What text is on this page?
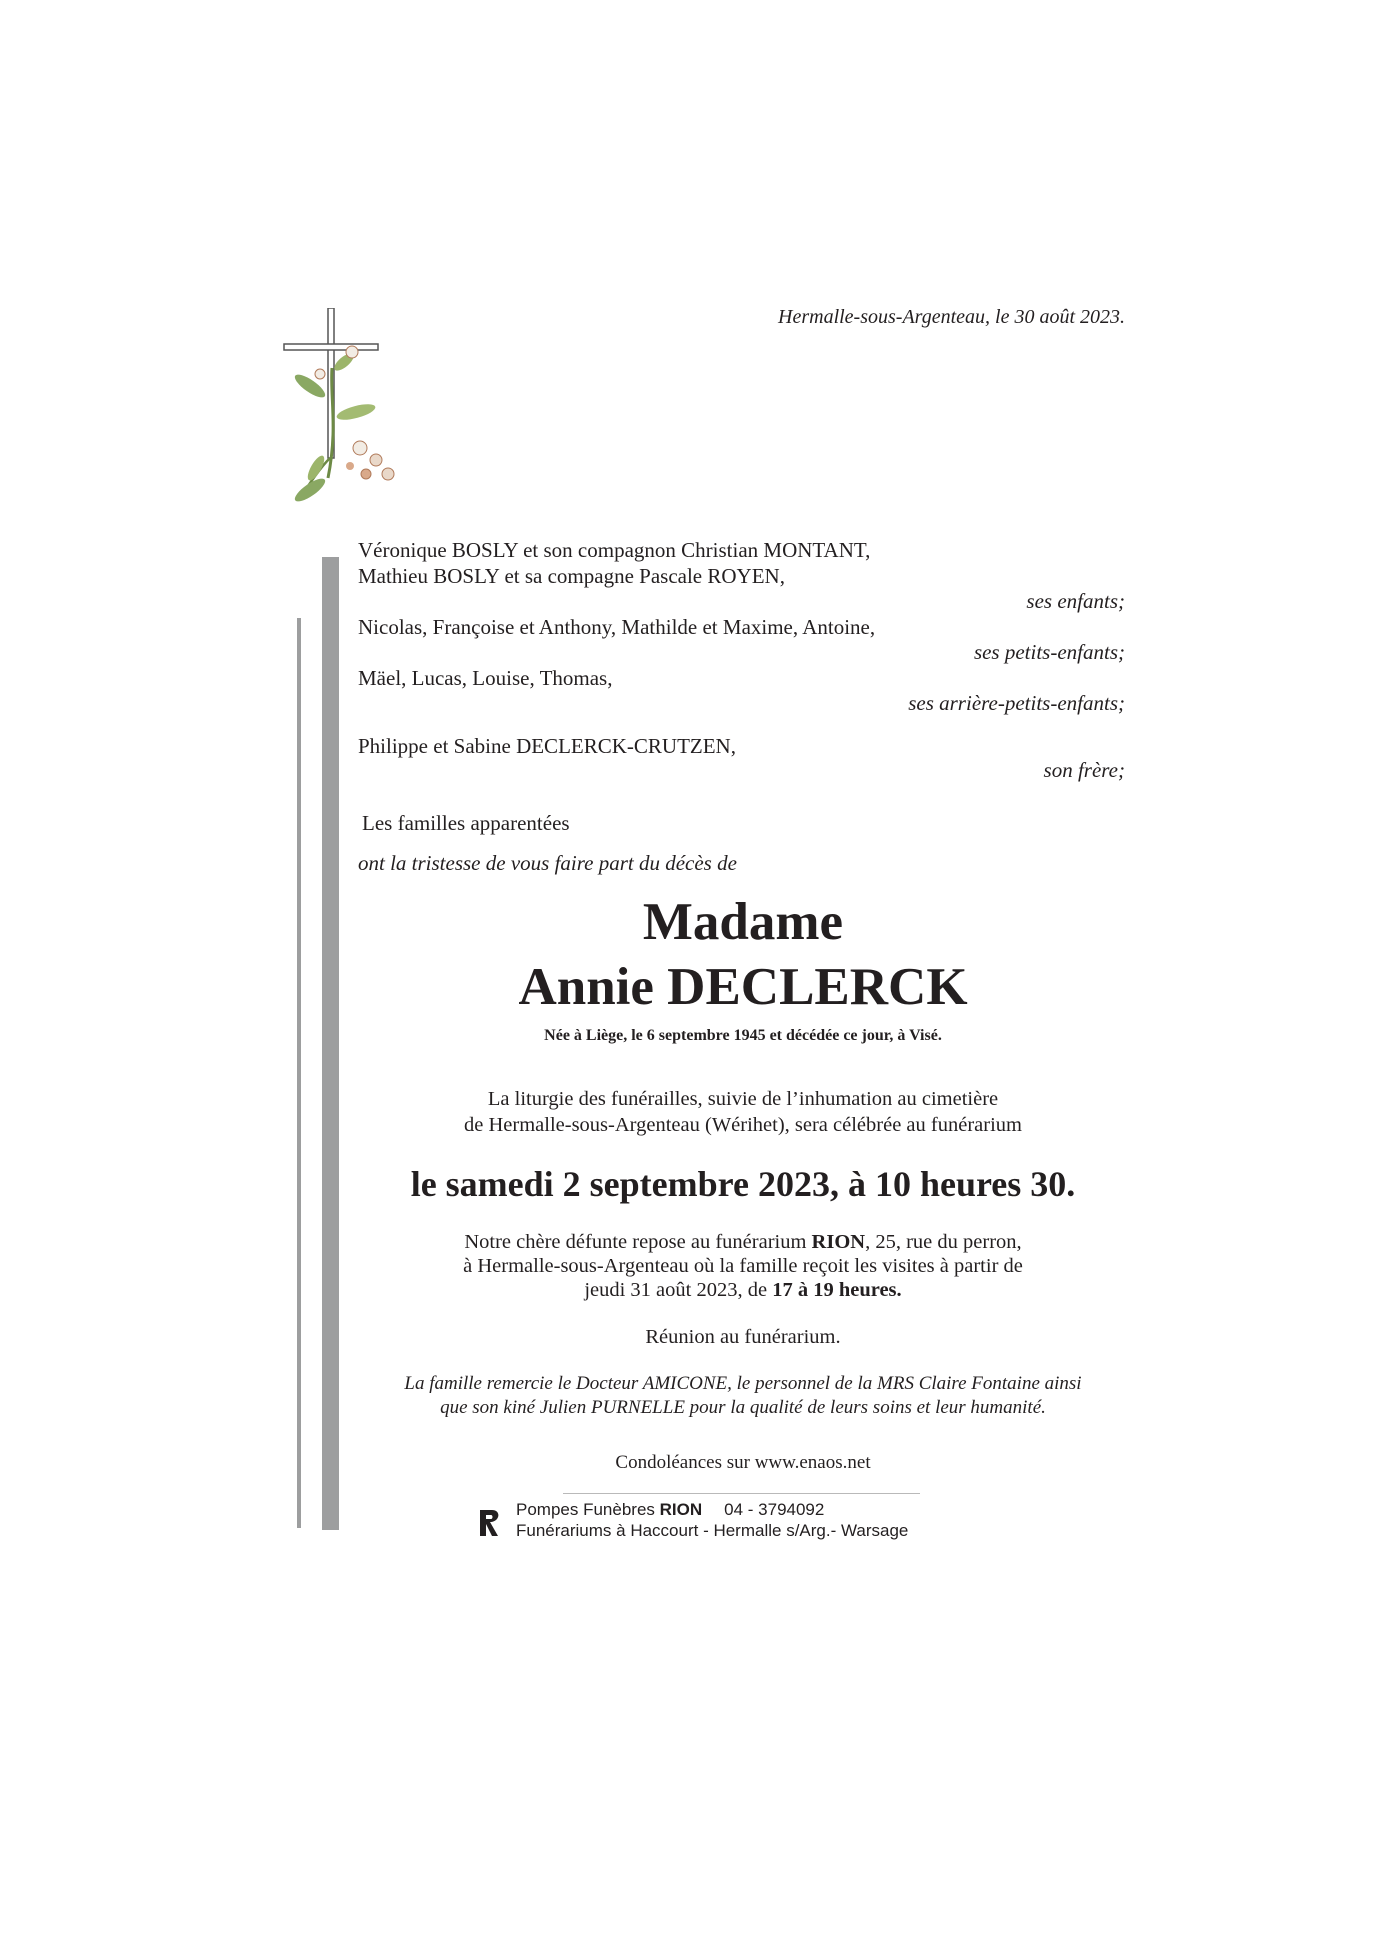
Hermalle-sous-Argenteau, le 30 août 2023.
Véronique BOSLY et son compagnon Christian MONTANT,
Mathieu BOSLY et sa compagne Pascale ROYEN,
ses enfants;
Nicolas, Françoise et Anthony, Mathilde et Maxime, Antoine,
ses petits-enfants;
Mäel, Lucas, Louise, Thomas,
ses arrière-petits-enfants;
Philippe et Sabine DECLERCK-CRUTZEN,
son frère;
Les familles apparentées
ont la tristesse de vous faire part du décès de
Madame
Annie DECLERCK
Née à Liège, le 6 septembre 1945 et décédée ce jour, à Visé.
La liturgie des funérailles, suivie de l’inhumation au cimetière
de Hermalle-sous-Argenteau (Wérihet), sera célébrée au funérarium
le samedi 2 septembre 2023, à 10 heures 30.
Notre chère défunte repose au funérarium RION, 25, rue du perron,
à Hermalle-sous-Argenteau où la famille reçoit les visites à partir de
jeudi 31 août 2023, de 17 à 19 heures.
Réunion au funérarium.
La famille remercie le Docteur AMICONE, le personnel de la MRS Claire Fontaine ainsi
que son kiné Julien PURNELLE pour la qualité de leurs soins et leur humanité.
Condoléances sur www.enaos.net
Pompes Funèbres RION 04 - 3794092
Funérariums à Haccourt - Hermalle s/Arg.- Warsage
